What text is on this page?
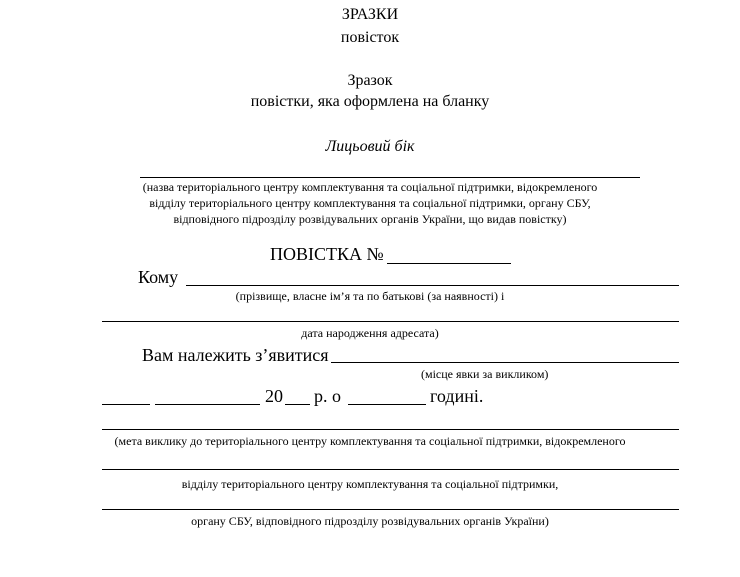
ЗРАЗКИ
повісток
Зразок
повістки, яка оформлена на бланку
Лицьовий бік
(назва територіального центру комплектування та соціальної підтримки, відокремленого
відділу територіального центру комплектування та соціальної підтримки, органу СБУ,
відповідного підрозділу розвідувальних органів України, що видав повістку)
ПОВІСТКА №
Кому
(прізвище, власне ім’я та по батькові (за наявності) і
дата народження адресата)
Вам належить з’явитися
(місце явки за викликом)
20 р. о	годині.
(мета виклику до територіального центру комплектування та соціальної підтримки, відокремленого
відділу територіального центру комплектування та соціальної підтримки,
органу СБУ, відповідного підрозділу розвідувальних органів України)
